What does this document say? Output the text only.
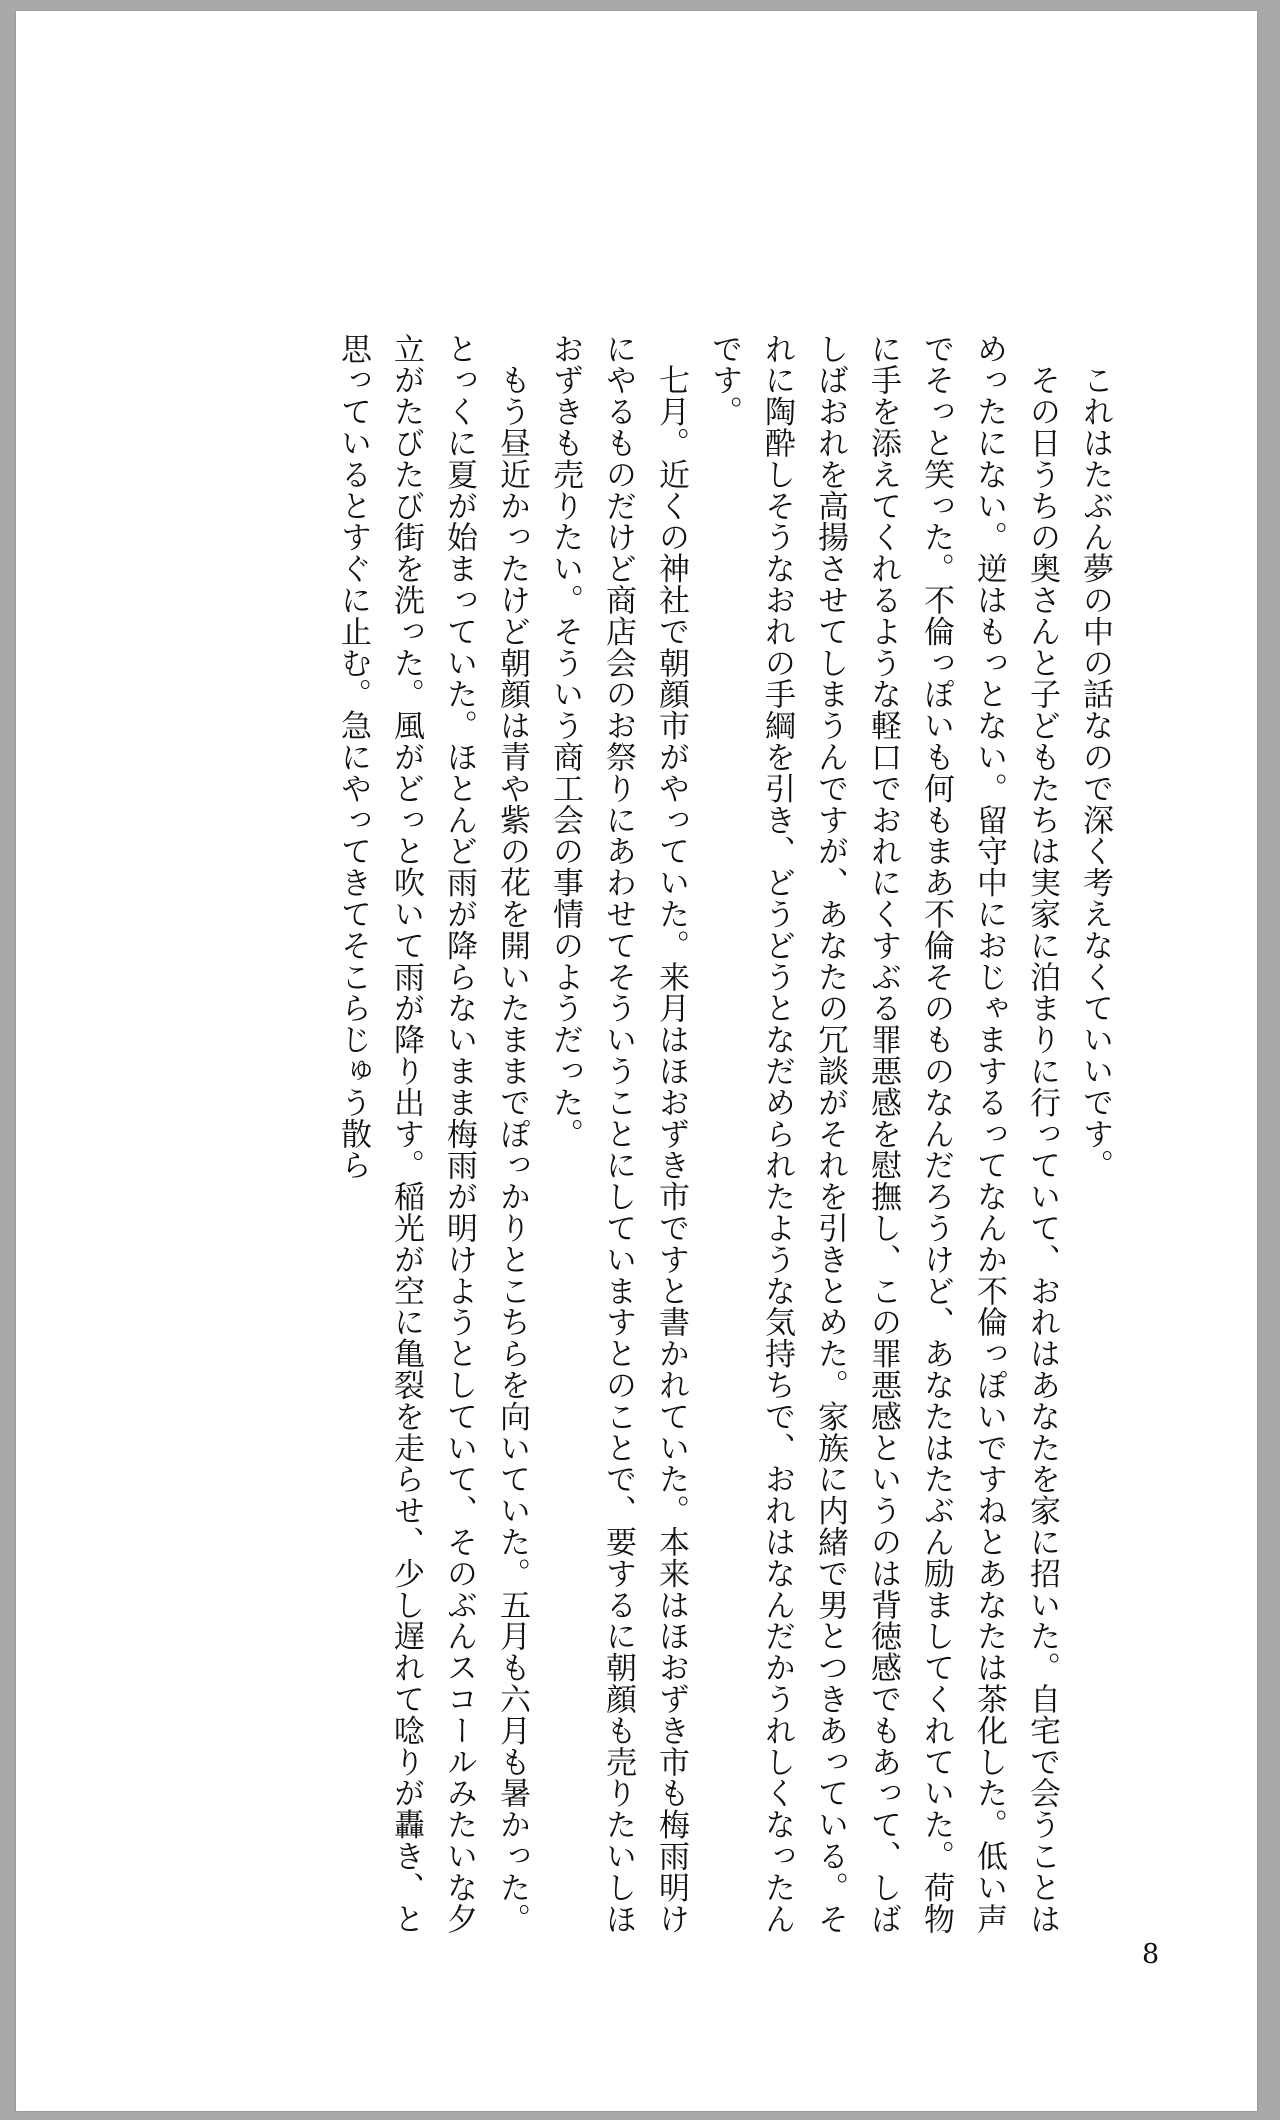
　これはたぶん夢の中の話なので深く考えなくていいです。

　その日うちの奥さんと子どもたちは実家に泊まりに行っていて、おれはあなたを家に招いた。自宅で会うことはめったにない。逆はもっとない。留守中におじゃまするってなんか不倫っぽいですねとあなたは茶化した。低い声でそっと笑った。不倫っぽいも何もまあ不倫そのものなんだろうけど、あなたはたぶん励ましてくれていた。荷物に手を添えてくれるような軽口でおれにくすぶる罪悪感を慰撫し、この罪悪感というのは背徳感でもあって、しばしばおれを高揚させてしまうんですが、あなたの冗談がそれを引きとめた。家族に内緒で男とつきあっている。それに陶酔しそうなおれの手綱を引き、どうどうとなだめられたような気持ちで、おれはなんだかうれしくなったんです。

　七月。近くの神社で朝顔市がやっていた。来月はほおずき市ですと書かれていた。本来はほおずき市も梅雨明けにやるものだけど商店会のお祭りにあわせてそういうことにしていますとのことで、要するに朝顔も売りたいしほおずきも売りたい。そういう商工会の事情のようだった。

　もう昼近かったけど朝顔は青や紫の花を開いたままでぽっかりとこちらを向いていた。五月も六月も暑かった。とっくに夏が始まっていた。ほとんど雨が降らないまま梅雨が明けようとしていて、そのぶんスコールみたいな夕立がたびたび街を洗った。風がどっと吹いて雨が降り出す。稲光が空に亀裂を走らせ、少し遅れて唸りが轟き、と思っているとすぐに止む。急にやってきてそこらじゅう散ら

8
